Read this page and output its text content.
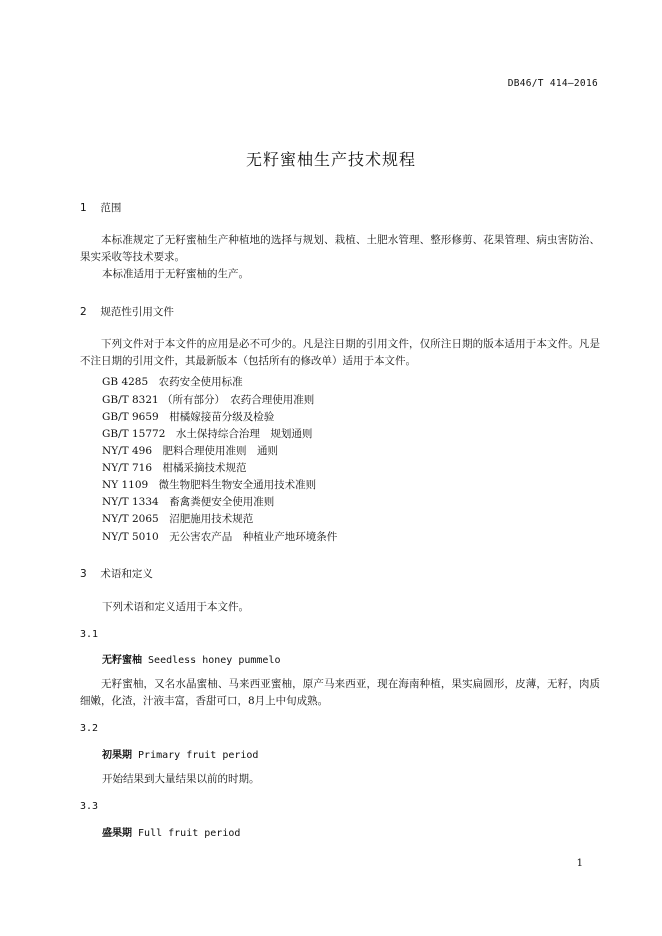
DB46/T 414—2016
无籽蜜柚生产技术规程
1 范围
本标准规定了无籽蜜柚生产种植地的选择与规划、栽植、土肥水管理、整形修剪、花果管理、病虫害防治、果实采收等技术要求。
本标准适用于无籽蜜柚的生产。
2 规范性引用文件
下列文件对于本文件的应用是必不可少的。凡是注日期的引用文件，仅所注日期的版本适用于本文件。凡是不注日期的引用文件，其最新版本（包括所有的修改单）适用于本文件。
GB 4285　农药安全使用标准
GB/T 8321 （所有部分）　农药合理使用准则
GB/T 9659　柑橘嫁接苗分级及检验
GB/T 15772　水土保持综合治理　规划通则
NY/T 496　肥料合理使用准则　通则
NY/T 716　柑橘采摘技术规范
NY 1109　微生物肥料生物安全通用技术准则
NY/T 1334　畜禽粪便安全使用准则
NY/T 2065　沼肥施用技术规范
NY/T 5010　无公害农产品　种植业产地环境条件
3 术语和定义
下列术语和定义适用于本文件。
3.1
无籽蜜柚 Seedless honey pummelo
无籽蜜柚，又名水晶蜜柚、马来西亚蜜柚，原产马来西亚，现在海南种植，果实扁圆形，皮薄，无籽，肉质细嫩，化渣，汁液丰富，香甜可口，8月上中旬成熟。
3.2
初果期 Primary fruit period
开始结果到大量结果以前的时期。
3.3
盛果期 Full fruit period
1
